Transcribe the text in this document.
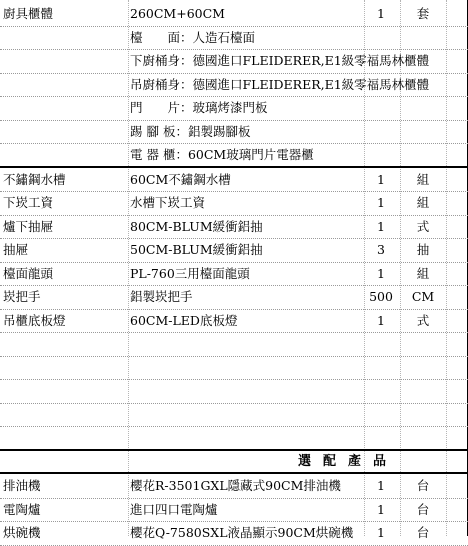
廚具櫃體	260CM+60CM	1	套
檯　　面：人造石檯面
下廚桶身：德國進口FLEIDERER,E1級零福馬林櫃體
吊廚桶身：德國進口FLEIDERER,E1級零福馬林櫃體
門　　片：玻璃烤漆門板
踢 腳 板：鋁製踢腳板
電 器 櫃：60CM玻璃門片電器櫃
不鏽鋼水槽	60CM不鏽鋼水槽	1	組
下崁工資	水槽下崁工資	1	組
爐下抽屜	80CM-BLUM緩衝鋁抽	1	式
抽屜	50CM-BLUM緩衝鋁抽	3	抽
檯面龍頭	PL-760三用檯面龍頭	1	組
崁把手	鋁製崁把手	500	CM
吊櫃底板燈	60CM-LED底板燈	1	式
選配產品
排油機	櫻花R-3501GXL隱藏式90CM排油機	1	台
電陶爐	進口四口電陶爐	1	台
烘碗機	櫻花Q-7580SXL液晶顯示90CM烘碗機	1	台
